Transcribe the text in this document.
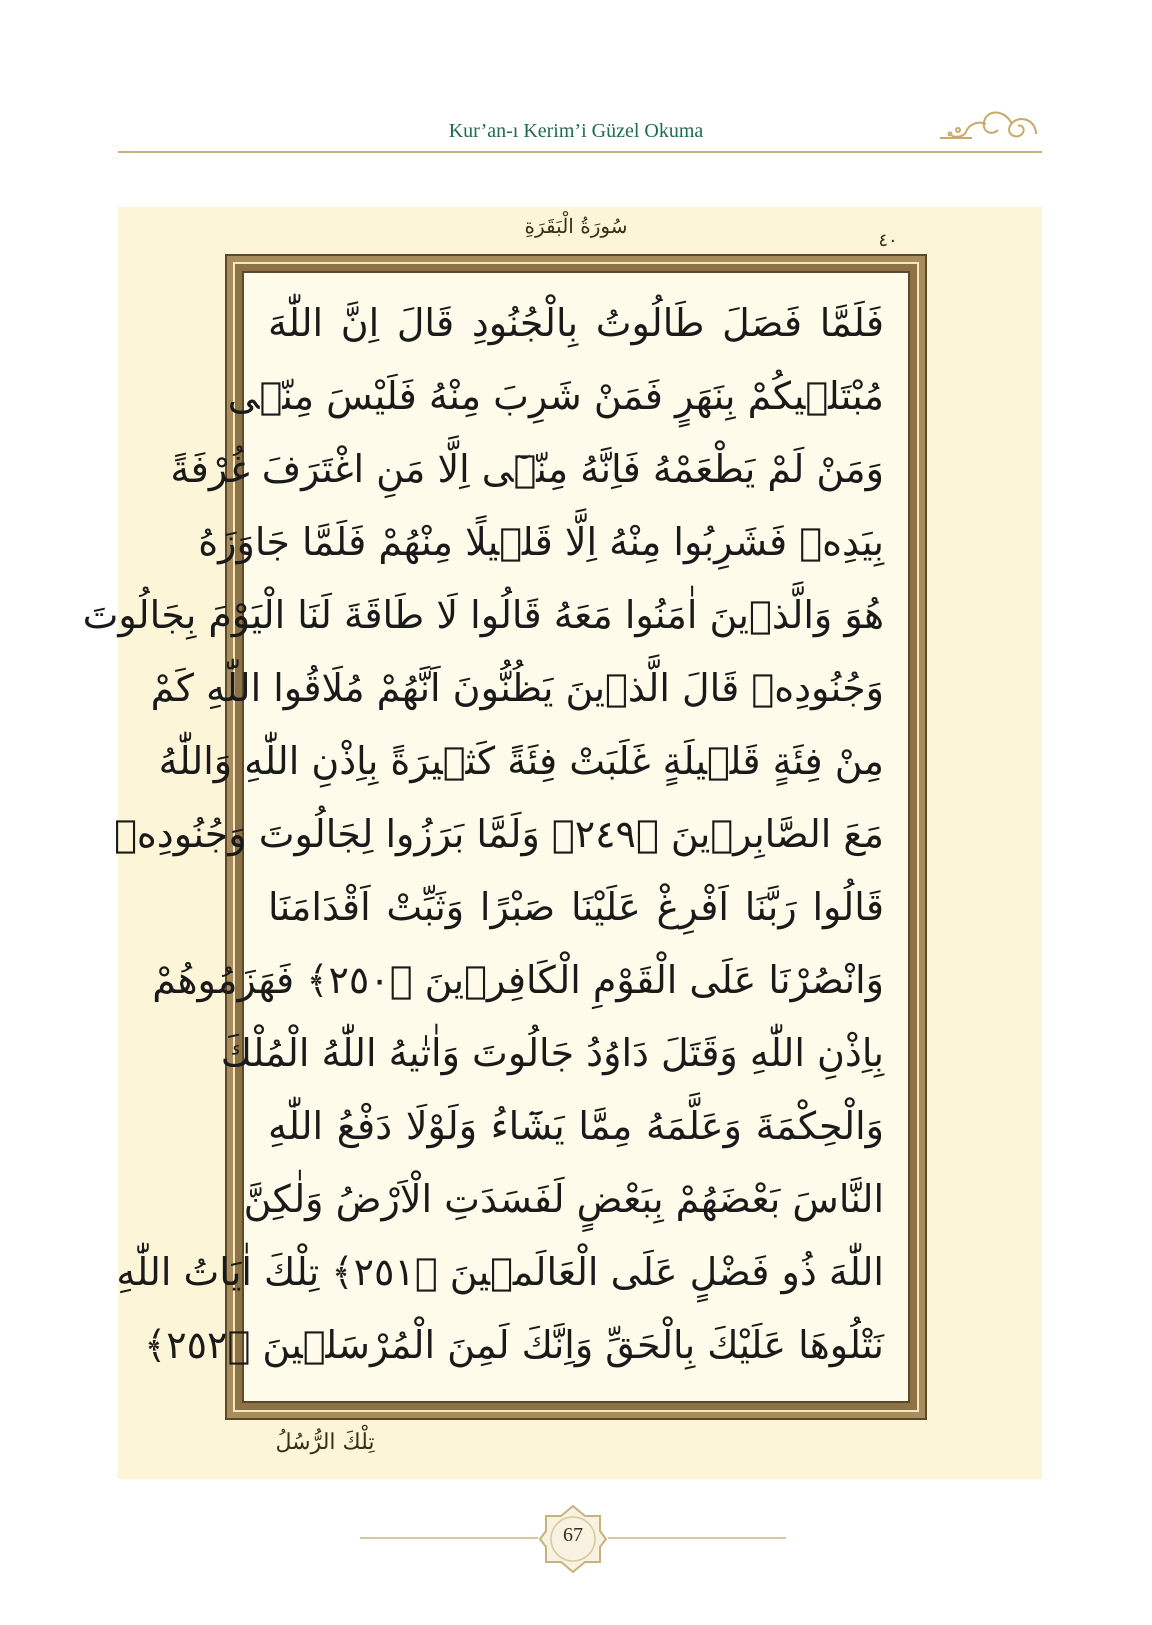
Kur’an-ı Kerim’i Güzel Okuma
سُورَةُ الْبَقَرَةِ
٤٠
فَلَمَّا فَصَلَ طَالُوتُ بِالْجُنُودِ قَالَ اِنَّ اللّٰهَ
مُبْتَلٖيكُمْ بِنَهَرٍ فَمَنْ شَرِبَ مِنْهُ فَلَيْسَ مِنّٖى
وَمَنْ لَمْ يَطْعَمْهُ فَاِنَّهُ مِنّٖٓى اِلَّا مَنِ اغْتَرَفَ غُرْفَةً
بِيَدِهٖ فَشَرِبُوا مِنْهُ اِلَّا قَلٖيلًا مِنْهُمْ فَلَمَّا جَاوَزَهُ
هُوَ وَالَّذٖينَ اٰمَنُوا مَعَهُ قَالُوا لَا طَاقَةَ لَنَا الْيَوْمَ بِجَالُوتَ
وَجُنُودِهٖ قَالَ الَّذٖينَ يَظُنُّونَ اَنَّهُمْ مُلَاقُوا اللّٰهِ كَمْ
مِنْ فِئَةٍ قَلٖيلَةٍ غَلَبَتْ فِئَةً كَثٖيرَةً بِاِذْنِ اللّٰهِ وَاللّٰهُ
مَعَ الصَّابِرٖينَ ﴿٢٤٩﴾ وَلَمَّا بَرَزُوا لِجَالُوتَ وَجُنُودِهٖ
قَالُوا رَبَّنَا اَفْرِغْ عَلَيْنَا صَبْرًا وَثَبِّتْ اَقْدَامَنَا
وَانْصُرْنَا عَلَى الْقَوْمِ الْكَافِرٖينَ ﴿٢٥٠﴾ فَهَزَمُوهُمْ
بِاِذْنِ اللّٰهِ وَقَتَلَ دَاوُدُ جَالُوتَ وَاٰتٰيهُ اللّٰهُ الْمُلْكَ
وَالْحِكْمَةَ وَعَلَّمَهُ مِمَّا يَشَٓاءُ وَلَوْلَا دَفْعُ اللّٰهِ
النَّاسَ بَعْضَهُمْ بِبَعْضٍ لَفَسَدَتِ الْاَرْضُ وَلٰكِنَّ
اللّٰهَ ذُو فَضْلٍ عَلَى الْعَالَمٖينَ ﴿٢٥١﴾ تِلْكَ اٰيَاتُ اللّٰهِ
نَتْلُوهَا عَلَيْكَ بِالْحَقِّ وَاِنَّكَ لَمِنَ الْمُرْسَلٖينَ ﴿٢٥٢﴾
تِلْكَ الرُّسُلُ
67
